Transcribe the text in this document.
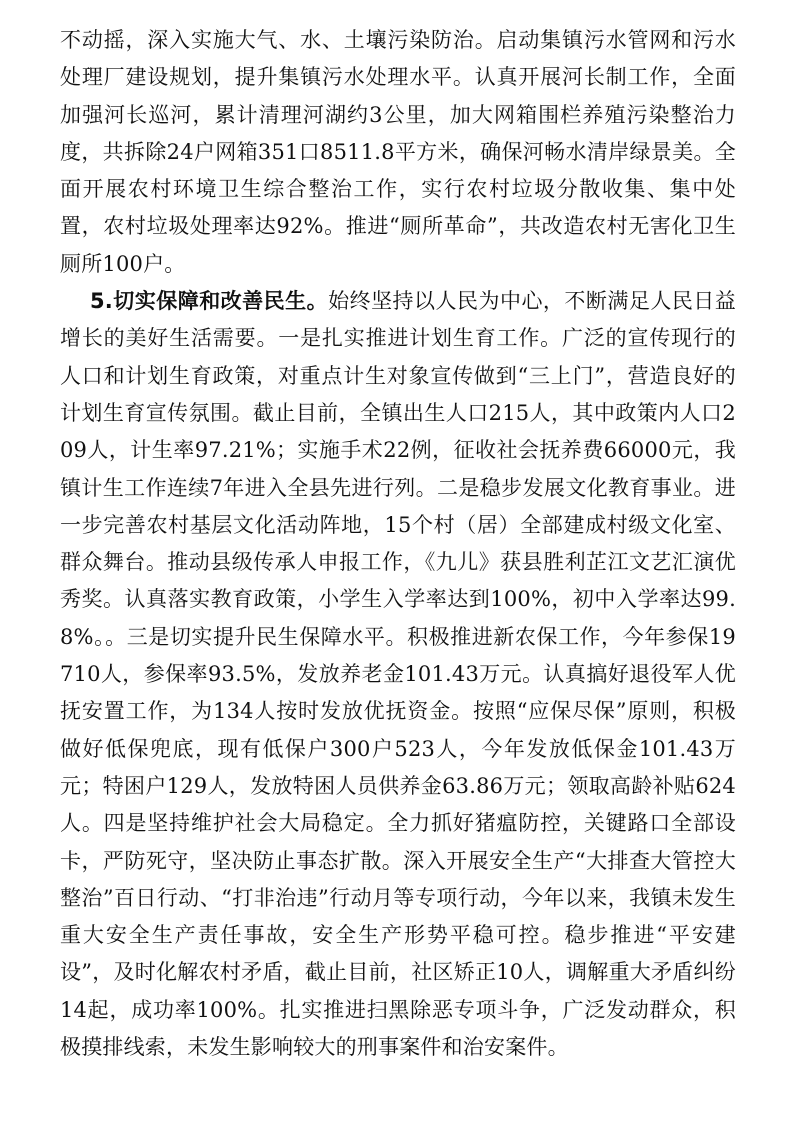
不动摇，深入实施大气、水、土壤污染防治。启动集镇污水管网和污水处理厂建设规划，提升集镇污水处理水平。认真开展河长制工作，全面加强河长巡河，累计清理河湖约3公里，加大网箱围栏养殖污染整治力度，共拆除24户网箱351口8511.8平方米，确保河畅水清岸绿景美。全面开展农村环境卫生综合整治工作，实行农村垃圾分散收集、集中处置，农村垃圾处理率达92%。推进“厕所革命”，共改造农村无害化卫生厕所100户。

5.切实保障和改善民生。始终坚持以人民为中心，不断满足人民日益增长的美好生活需要。一是扎实推进计划生育工作。广泛的宣传现行的人口和计划生育政策，对重点计生对象宣传做到“三上门”，营造良好的计划生育宣传氛围。截止目前，全镇出生人口215人，其中政策内人口209人，计生率97.21%；实施手术22例，征收社会抚养费66000元，我镇计生工作连续7年进入全县先进行列。二是稳步发展文化教育事业。进一步完善农村基层文化活动阵地，15个村（居）全部建成村级文化室、群众舞台。推动县级传承人申报工作，《九儿》获县胜利芷江文艺汇演优秀奖。认真落实教育政策，小学生入学率达到100%，初中入学率达99.8%。。三是切实提升民生保障水平。积极推进新农保工作，今年参保19710人，参保率93.5%，发放养老金101.43万元。认真搞好退役军人优抚安置工作，为134人按时发放优抚资金。按照“应保尽保”原则，积极做好低保兜底，现有低保户300户523人，今年发放低保金101.43万元；特困户129人，发放特困人员供养金63.86万元；领取高龄补贴624人。四是坚持维护社会大局稳定。全力抓好猪瘟防控，关键路口全部设卡，严防死守，坚决防止事态扩散。深入开展安全生产“大排查大管控大整治”百日行动、“打非治违”行动月等专项行动，今年以来，我镇未发生重大安全生产责任事故，安全生产形势平稳可控。稳步推进“平安建设”，及时化解农村矛盾，截止目前，社区矫正10人，调解重大矛盾纠纷14起，成功率100%。扎实推进扫黑除恶专项斗争，广泛发动群众，积极摸排线索，未发生影响较大的刑事案件和治安案件。
